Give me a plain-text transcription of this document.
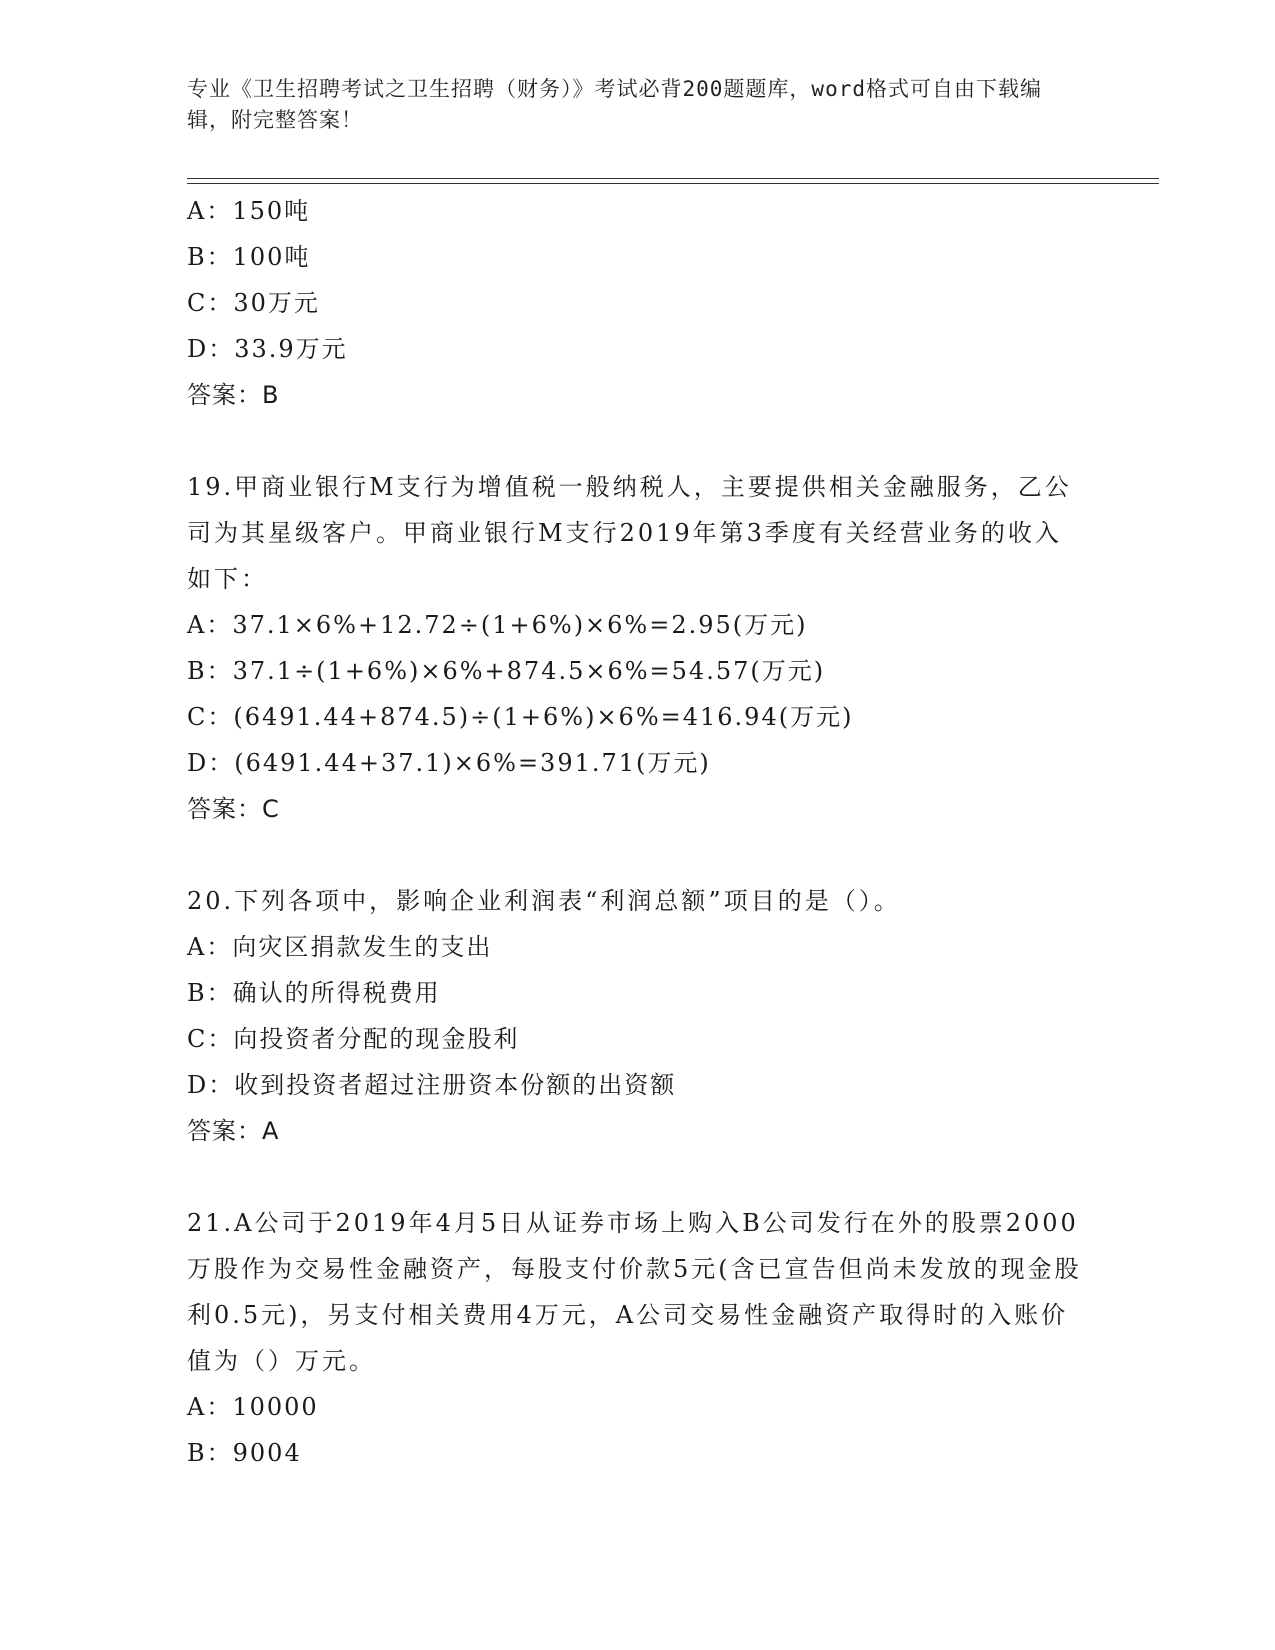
专业《卫生招聘考试之卫生招聘（财务）》考试必背200题题库，word格式可自由下载编辑，附完整答案！
A：150吨
B：100吨
C：30万元
D：33.9万元
答案：B
19.甲商业银行M支行为增值税一般纳税人，主要提供相关金融服务，乙公司为其星级客户。甲商业银行M支行2019年第3季度有关经营业务的收入如下：
A：37.1×6%+12.72÷(1+6%)×6%=2.95(万元)
B：37.1÷(1+6%)×6%+874.5×6%=54.57(万元)
C：(6491.44+874.5)÷(1+6%)×6%=416.94(万元)
D：(6491.44+37.1)×6%=391.71(万元)
答案：C
20.下列各项中，影响企业利润表“利润总额”项目的是（）。
A：向灾区捐款发生的支出
B：确认的所得税费用
C：向投资者分配的现金股利
D：收到投资者超过注册资本份额的出资额
答案：A
21.A公司于2019年4月5日从证券市场上购入B公司发行在外的股票2000万股作为交易性金融资产，每股支付价款5元(含已宣告但尚未发放的现金股利0.5元)，另支付相关费用4万元，A公司交易性金融资产取得时的入账价值为（）万元。
A：10000
B：9004
